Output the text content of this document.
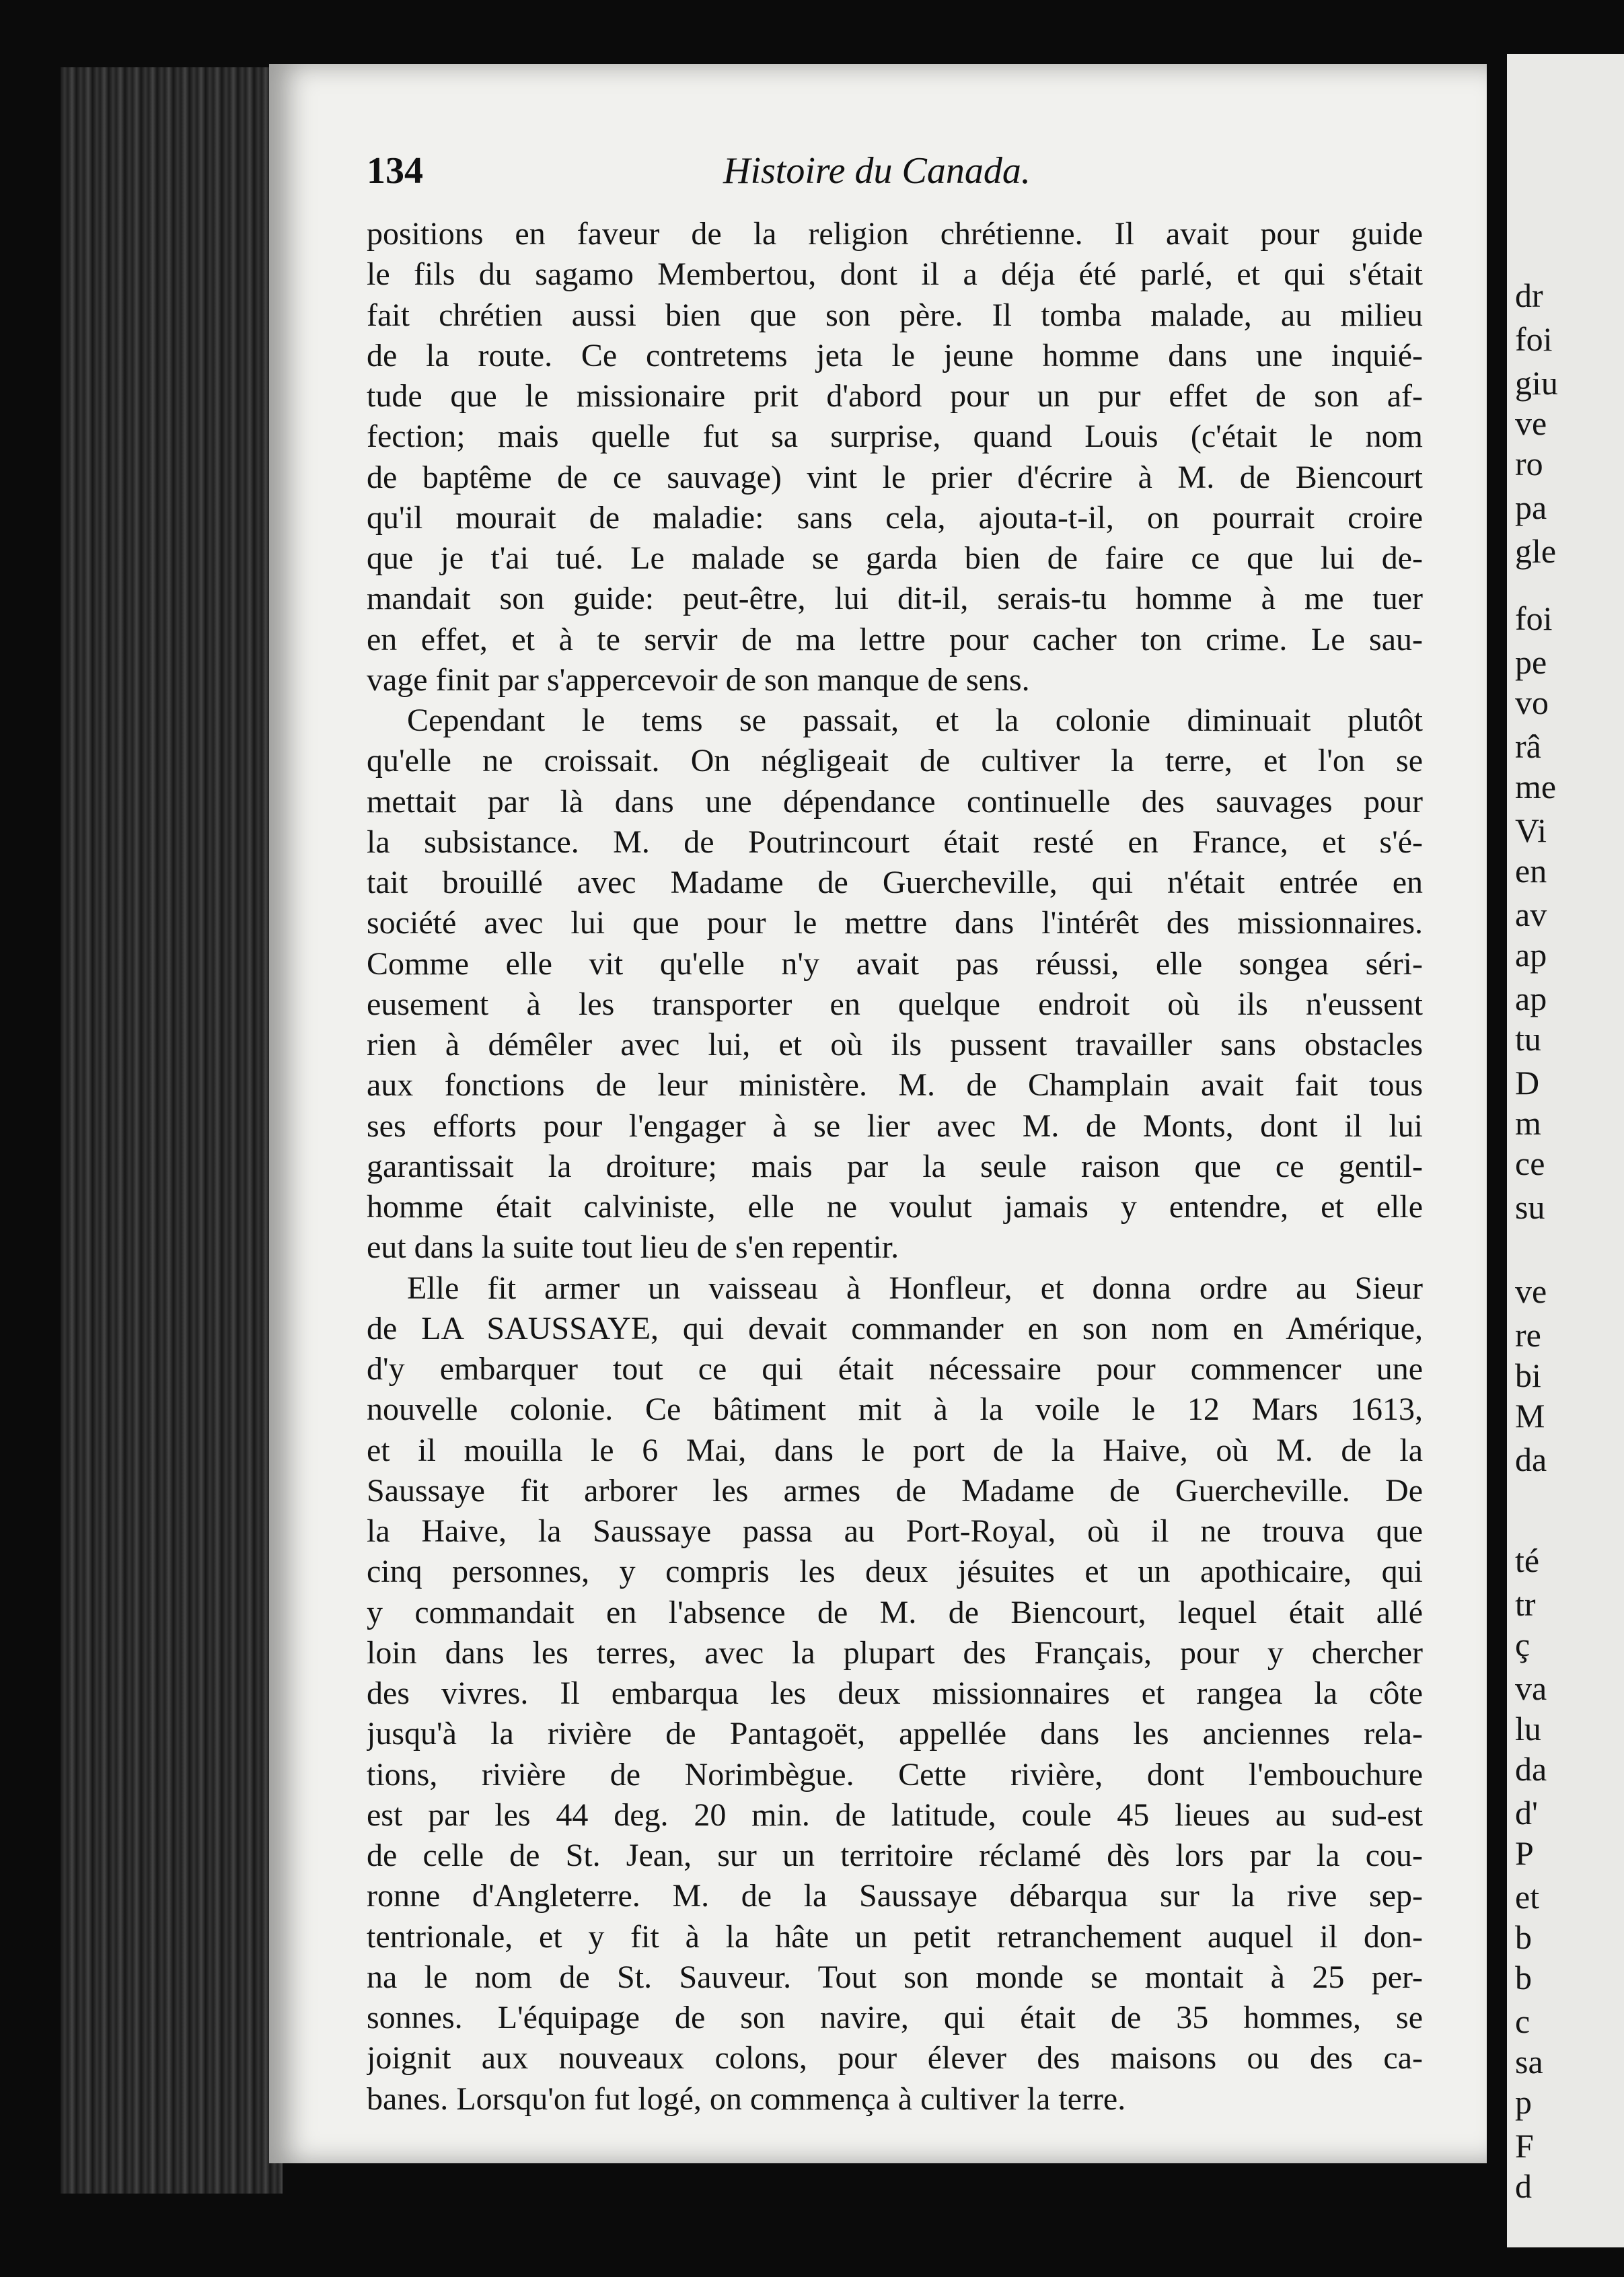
dr
foi
giu
ve
ro
pa
gle
foi
pe
vo
râ
me
Vi
en
av
ap
ap
tu
D
m
ce
su
ve
re
bi
M
da
té
tr
ç
va
lu
da
d'
P
et
b
b
c
sa
p
F
d
134	Histoire du Canada.
positions en faveur de la religion chrétienne. Il avait pour guide
le fils du sagamo Membertou, dont il a déja été parlé, et qui s'était
fait chrétien aussi bien que son père. Il tomba malade, au milieu
de la route. Ce contretems jeta le jeune homme dans une inquié-
tude que le missionaire prit d'abord pour un pur effet de son af-
fection; mais quelle fut sa surprise, quand Louis (c'était le nom
de baptême de ce sauvage) vint le prier d'écrire à M. de Biencourt
qu'il mourait de maladie: sans cela, ajouta-t-il, on pourrait croire
que je t'ai tué. Le malade se garda bien de faire ce que lui de-
mandait son guide: peut-être, lui dit-il, serais-tu homme à me tuer
en effet, et à te servir de ma lettre pour cacher ton crime. Le sau-
vage finit par s'appercevoir de son manque de sens.
Cependant le tems se passait, et la colonie diminuait plutôt
qu'elle ne croissait. On négligeait de cultiver la terre, et l'on se
mettait par là dans une dépendance continuelle des sauvages pour
la subsistance. M. de Poutrincourt était resté en France, et s'é-
tait brouillé avec Madame de Guercheville, qui n'était entrée en
société avec lui que pour le mettre dans l'intérêt des missionnaires.
Comme elle vit qu'elle n'y avait pas réussi, elle songea séri-
eusement à les transporter en quelque endroit où ils n'eussent
rien à démêler avec lui, et où ils pussent travailler sans obstacles
aux fonctions de leur ministère. M. de Champlain avait fait tous
ses efforts pour l'engager à se lier avec M. de Monts, dont il lui
garantissait la droiture; mais par la seule raison que ce gentil-
homme était calviniste, elle ne voulut jamais y entendre, et elle
eut dans la suite tout lieu de s'en repentir.
Elle fit armer un vaisseau à Honfleur, et donna ordre au Sieur
de LA SAUSSAYE, qui devait commander en son nom en Amérique,
d'y embarquer tout ce qui était nécessaire pour commencer une
nouvelle colonie. Ce bâtiment mit à la voile le 12 Mars 1613,
et il mouilla le 6 Mai, dans le port de la Haive, où M. de la
Saussaye fit arborer les armes de Madame de Guercheville. De
la Haive, la Saussaye passa au Port-Royal, où il ne trouva que
cinq personnes, y compris les deux jésuites et un apothicaire, qui
y commandait en l'absence de M. de Biencourt, lequel était allé
loin dans les terres, avec la plupart des Français, pour y chercher
des vivres. Il embarqua les deux missionnaires et rangea la côte
jusqu'à la rivière de Pantagoët, appellée dans les anciennes rela-
tions, rivière de Norimbègue. Cette rivière, dont l'embouchure
est par les 44 deg. 20 min. de latitude, coule 45 lieues au sud-est
de celle de St. Jean, sur un territoire réclamé dès lors par la cou-
ronne d'Angleterre. M. de la Saussaye débarqua sur la rive sep-
tentrionale, et y fit à la hâte un petit retranchement auquel il don-
na le nom de St. Sauveur. Tout son monde se montait à 25 per-
sonnes. L'équipage de son navire, qui était de 35 hommes, se
joignit aux nouveaux colons, pour élever des maisons ou des ca-
banes. Lorsqu'on fut logé, on commença à cultiver la terre.
